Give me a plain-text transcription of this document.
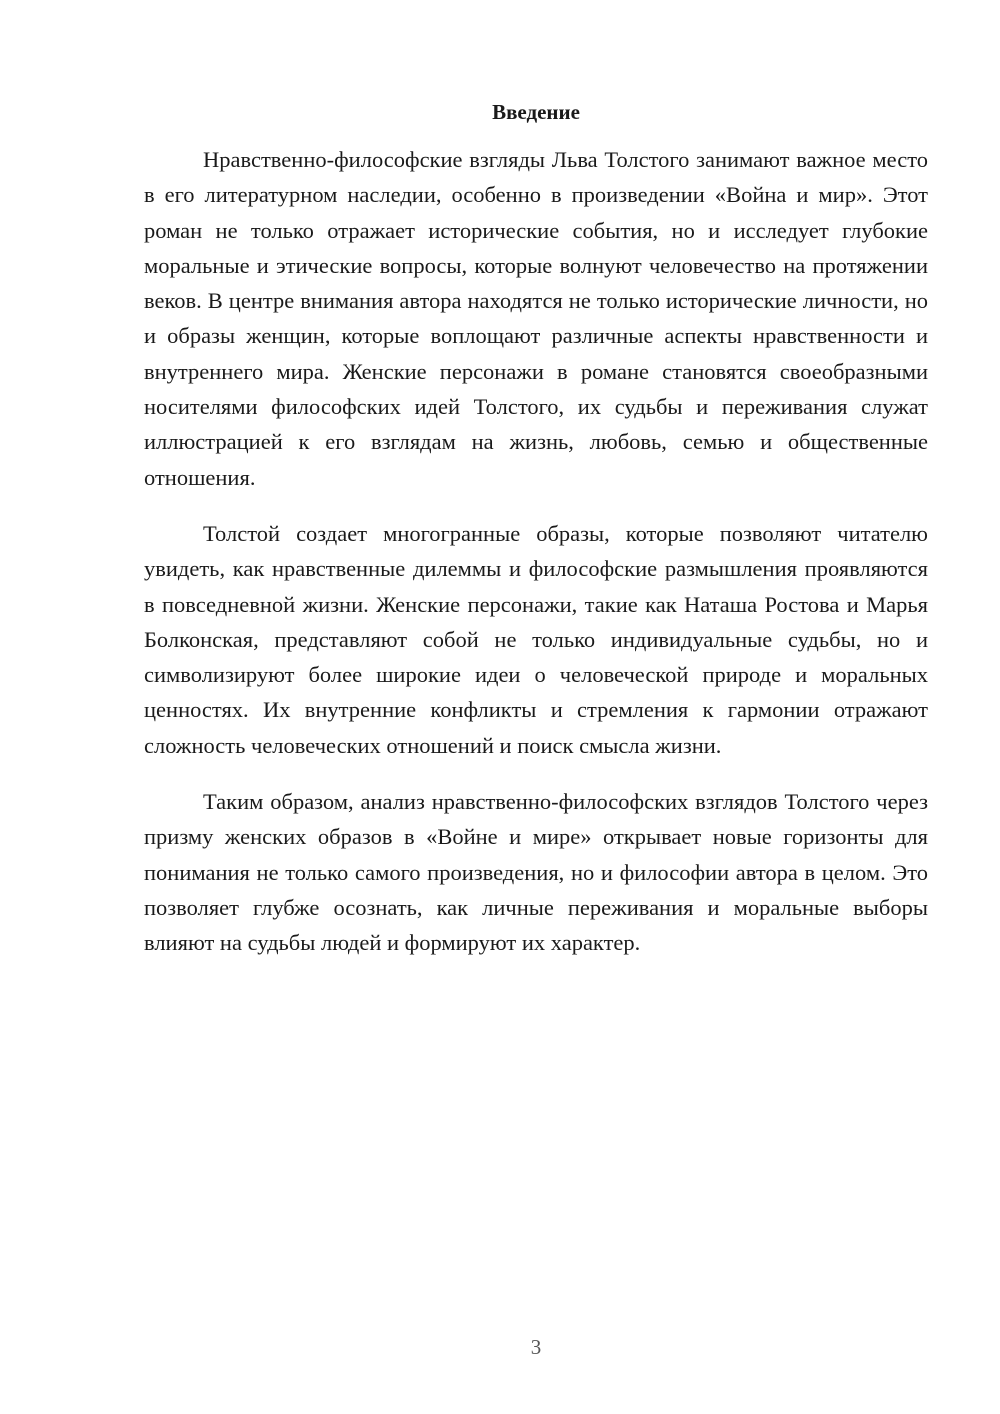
Введение

Нравственно-философские взгляды Льва Толстого занимают важное место в его литературном наследии, особенно в произведении «Война и мир». Этот роман не только отражает исторические события, но и исследует глубокие моральные и этические вопросы, которые волнуют человечество на протяжении веков. В центре внимания автора находятся не только исторические личности, но и образы женщин, которые воплощают различные аспекты нравственности и внутреннего мира. Женские персонажи в романе становятся своеобразными носителями философских идей Толстого, их судьбы и переживания служат иллюстрацией к его взглядам на жизнь, любовь, семью и общественные отношения.

Толстой создает многогранные образы, которые позволяют читателю увидеть, как нравственные дилеммы и философские размышления проявляются в повседневной жизни. Женские персонажи, такие как Наташа Ростова и Марья Болконская, представляют собой не только индивидуальные судьбы, но и символизируют более широкие идеи о человеческой природе и моральных ценностях. Их внутренние конфликты и стремления к гармонии отражают сложность человеческих отношений и поиск смысла жизни.

Таким образом, анализ нравственно-философских взглядов Толстого через призму женских образов в «Войне и мире» открывает новые горизонты для понимания не только самого произведения, но и философии автора в целом. Это позволяет глубже осознать, как личные переживания и моральные выборы влияют на судьбы людей и формируют их характер.

3
